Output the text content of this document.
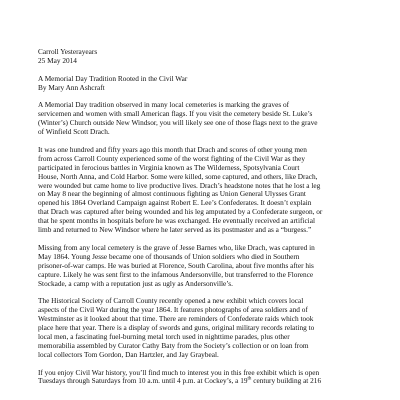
Carroll Yesterayears
25 May 2014
A Memorial Day Tradition Rooted in the Civil War
By Mary Ann Ashcraft

A Memorial Day tradition observed in many local cemeteries is marking the graves of
servicemen and women with small American flags. If you visit the cemetery beside St. Luke’s
(Winter’s) Church outside New Windsor, you will likely see one of those flags next to the grave
of Winfield Scott Drach.

It was one hundred and fifty years ago this month that Drach and scores of other young men
from across Carroll County experienced some of the worst fighting of the Civil War as they
participated in ferocious battles in Virginia known as The Wilderness, Spotsylvania Court
House, North Anna, and Cold Harbor. Some were killed, some captured, and others, like Drach,
were wounded but came home to live productive lives. Drach’s headstone notes that he lost a leg
on May 8 near the beginning of almost continuous fighting as Union General Ulysses Grant
opened his 1864 Overland Campaign against Robert E. Lee’s Confederates. It doesn’t explain
that Drach was captured after being wounded and his leg amputated by a Confederate surgeon, or
that he spent months in hospitals before he was exchanged. He eventually received an artificial
limb and returned to New Windsor where he later served as its postmaster and as a “burgess.”

Missing from any local cemetery is the grave of Jesse Barnes who, like Drach, was captured in
May 1864. Young Jesse became one of thousands of Union soldiers who died in Southern
prisoner-of-war camps. He was buried at Florence, South Carolina, about five months after his
capture. Likely he was sent first to the infamous Andersonville, but transferred to the Florence
Stockade, a camp with a reputation just as ugly as Andersonville’s.

The Historical Society of Carroll County recently opened a new exhibit which covers local
aspects of the Civil War during the year 1864. It features photographs of area soldiers and of
Westminster as it looked about that time. There are reminders of Confederate raids which took
place here that year. There is a display of swords and guns, original military records relating to
local men, a fascinating fuel-burning metal torch used in nighttime parades, plus other
memorabilia assembled by Curator Cathy Baty from the Society’s collection or on loan from
local collectors Tom Gordon, Dan Hartzler, and Jay Graybeal.

If you enjoy Civil War history, you’ll find much to interest you in this free exhibit which is open
Tuesdays through Saturdays from 10 a.m. until 4 p.m. at Cockey’s, a 19th century building at 216
